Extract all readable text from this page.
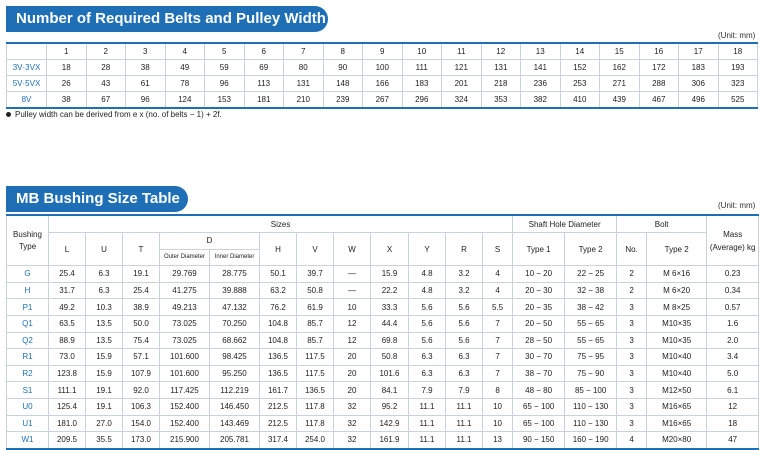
Number of Required Belts and Pulley Width
(Unit: mm)
	1	2	3	4	5	6	7	8	9	10	11	12	13	14	15	16	17	18
3V·3VX	18	28	38	49	59	69	80	90	100	111	121	131	141	152	162	172	183	193
5V·5VX	26	43	61	78	96	113	131	148	166	183	201	218	236	253	271	288	306	323
8V	38	67	96	124	153	181	210	239	267	296	324	353	382	410	439	467	496	525
Pulley width can be derived from e x (no. of belts − 1) + 2f.
MB Bushing Size Table	(Unit: mm)
Bushing Type	Sizes												Shaft Hole Diameter		Bolt		Mass (Average) kg
	L	U	T	D		H	V	W	X	Y	R	S	Type 1	Type 2	No.	Type 2	
				Outer Diameter	Inner Diameter												
G	25.4	6.3	19.1	29.769	28.775	50.1	39.7	—	15.9	4.8	3.2	4	10 − 20	22 − 25	2	M 6×16	0.23
H	31.7	6.3	25.4	41.275	39.888	63.2	50.8	—	22.2	4.8	3.2	4	20 − 30	32 − 38	2	M 6×20	0.34
P1	49.2	10.3	38.9	49.213	47.132	76.2	61.9	10	33.3	5.6	5.6	5.5	20 − 35	38 − 42	3	M 8×25	0.57
Q1	63.5	13.5	50.0	73.025	70.250	104.8	85.7	12	44.4	5.6	5.6	7	20 − 50	55 − 65	3	M10×35	1.6
Q2	88.9	13.5	75.4	73.025	68.662	104.8	85.7	12	69.8	5.6	5.6	7	28 − 50	55 − 65	3	M10×35	2.0
R1	73.0	15.9	57.1	101.600	98.425	136.5	117.5	20	50.8	6.3	6.3	7	30 − 70	75 − 95	3	M10×40	3.4
R2	123.8	15.9	107.9	101.600	95.250	136.5	117.5	20	101.6	6.3	6.3	7	38 − 70	75 − 90	3	M10×40	5.0
S1	111.1	19.1	92.0	117.425	112.219	161.7	136.5	20	84.1	7.9	7.9	8	48 − 80	85 − 100	3	M12×50	6.1
U0	125.4	19.1	106.3	152.400	146.450	212.5	117.8	32	95.2	11.1	11.1	10	65 − 100	110 − 130	3	M16×65	12
U1	181.0	27.0	154.0	152.400	143.469	212.5	117.8	32	142.9	11.1	11.1	10	65 − 100	110 − 130	3	M16×65	18
W1	209.5	35.5	173.0	215.900	205.781	317.4	254.0	32	161.9	11.1	11.1	13	90 − 150	160 − 190	4	M20×80	47
